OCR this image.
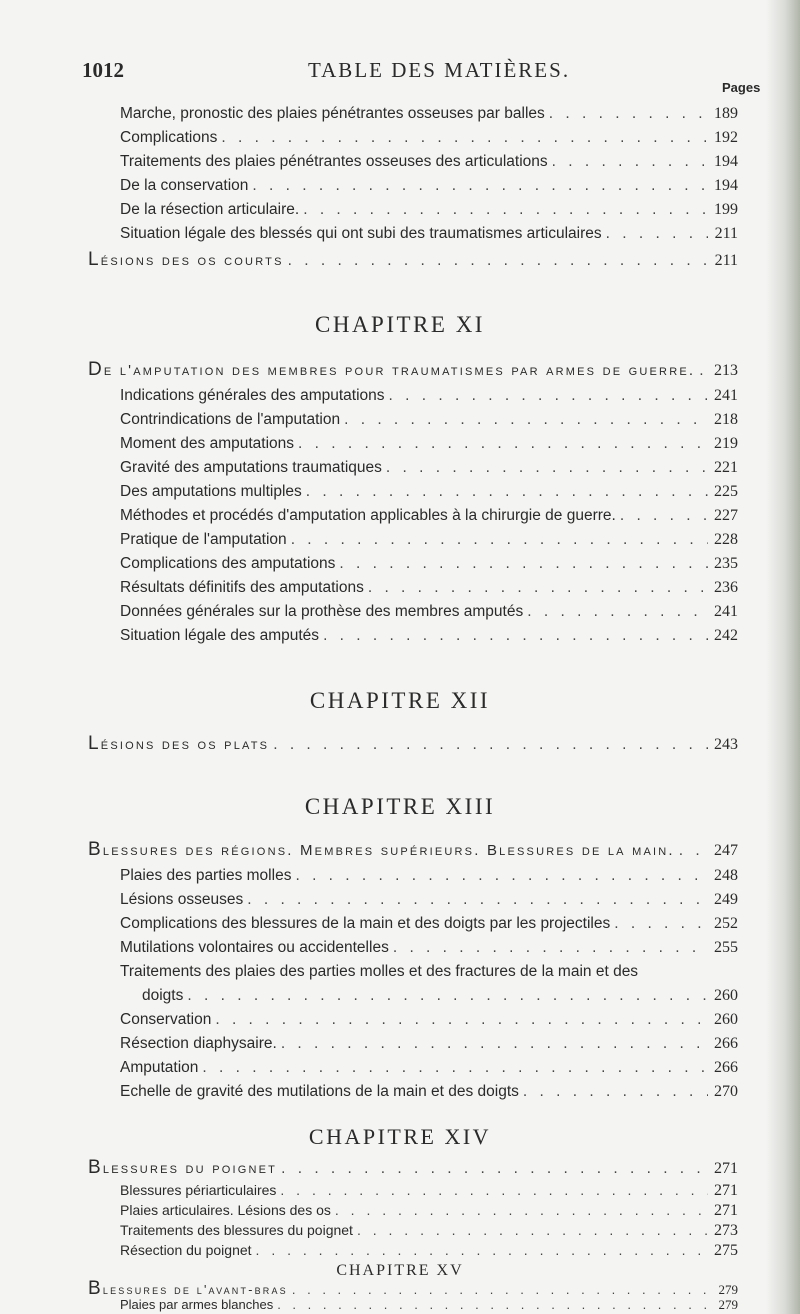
1012	TABLE DES MATIÈRES.
Pages
Marche, pronostic des plaies pénétrantes osseuses par balles . . .	189
Complications . . .	192
Traitements des plaies pénétrantes osseuses des articulations . . .	194
De la conservation . . .	194
De la résection articulaire. . . .	199
Situation légale des blessés qui ont subi des traumatismes articulaires . . .	211
Lésions des os courts . . .	211
CHAPITRE XI
De l'amputation des membres pour traumatismes par armes de guerre. . . .	213
Indications générales des amputations . . .	241
Contrindications de l'amputation . . .	218
Moment des amputations . . .	219
Gravité des amputations traumatiques . . .	221
Des amputations multiples . . .	225
Méthodes et procédés d'amputation applicables à la chirurgie de guerre. . . .	227
Pratique de l'amputation . . .	228
Complications des amputations . . .	235
Résultats définitifs des amputations . . .	236
Données générales sur la prothèse des membres amputés . . .	241
Situation légale des amputés . . .	242
CHAPITRE XII
Lésions des os plats . . .	243
CHAPITRE XIII
Blessures des régions. Membres supérieurs. Blessures de la main. . . .	247
Plaies des parties molles . . .	248
Lésions osseuses . . .	249
Complications des blessures de la main et des doigts par les projectiles . . .	252
Mutilations volontaires ou accidentelles . . .	255
Traitements des plaies des parties molles et des fractures de la main et des
doigts . . .	260
Conservation . . .	260
Résection diaphysaire. . . .	266
Amputation . . .	266
Echelle de gravité des mutilations de la main et des doigts . . .	270
CHAPITRE XIV
Blessures du poignet . . .	271
Blessures périarticulaires . . .	271
Plaies articulaires. Lésions des os . . .	271
Traitements des blessures du poignet . . .	273
Résection du poignet . . .	275
CHAPITRE XV
Blessures de l'avant-bras . . .	279
Plaies par armes blanches . . .	279
